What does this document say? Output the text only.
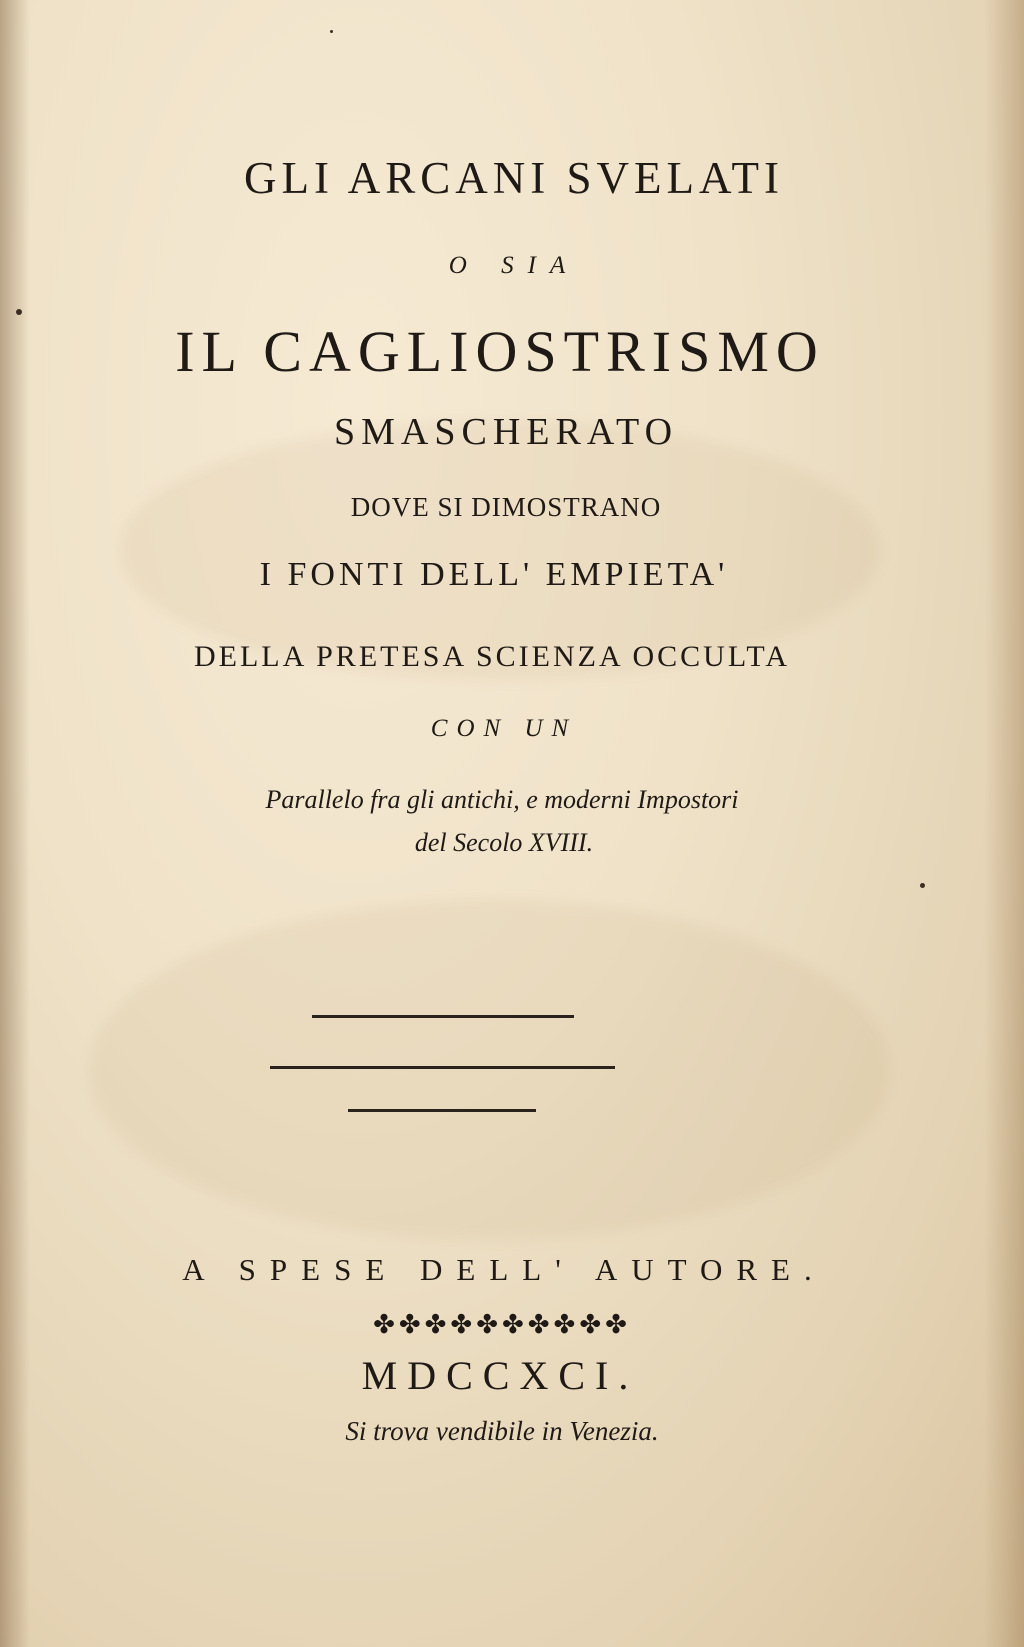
GLI ARCANI SVELATI
O SIA
IL CAGLIOSTRISMO
SMASCHERATO
DOVE SI DIMOSTRANO
I FONTI DELL' EMPIETA'
DELLA PRETESA SCIENZA OCCULTA
CON UN
Parallelo fra gli antichi, e moderni Impostori
del Secolo XVIII.
A SPESE DELL' AUTORE.
✤✤✤✤✤✤✤✤✤✤
MDCCXCI.
Si trova vendibile in Venezia.
